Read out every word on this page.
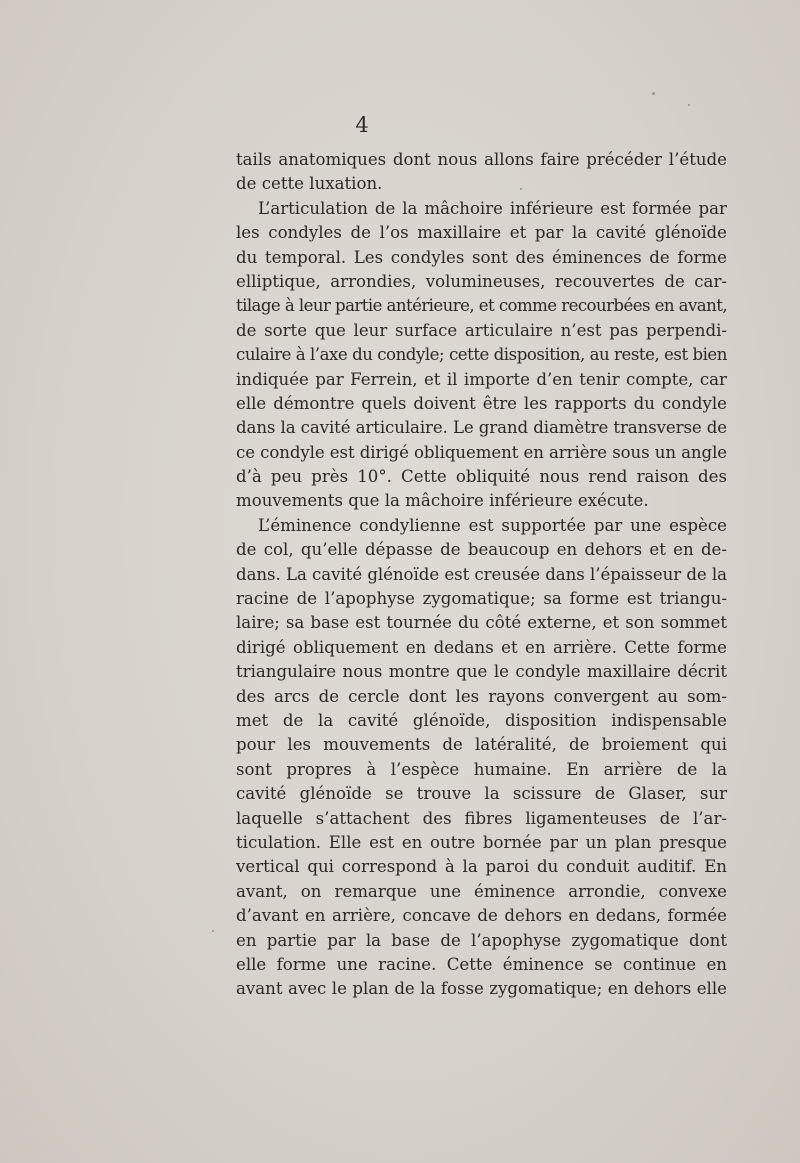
4
tails anatomiques dont nous allons faire précéder l’étude
de cette luxation.
L’articulation de la mâchoire inférieure est formée par
les condyles de l’os maxillaire et par la cavité glénoïde
du temporal. Les condyles sont des éminences de forme
elliptique, arrondies, volumineuses, recouvertes de car-
tilage à leur partie antérieure, et comme recourbées en avant,
de sorte que leur surface articulaire n’est pas perpendi-
culaire à l’axe du condyle; cette disposition, au reste, est bien
indiquée par Ferrein, et il importe d’en tenir compte, car
elle démontre quels doivent être les rapports du condyle
dans la cavité articulaire. Le grand diamètre transverse de
ce condyle est dirigé obliquement en arrière sous un angle
d’à peu près 10°. Cette obliquité nous rend raison des
mouvements que la mâchoire inférieure exécute.
L’éminence condylienne est supportée par une espèce
de col, qu’elle dépasse de beaucoup en dehors et en de-
dans. La cavité glénoïde est creusée dans l’épaisseur de la
racine de l’apophyse zygomatique; sa forme est triangu-
laire; sa base est tournée du côté externe, et son sommet
dirigé obliquement en dedans et en arrière. Cette forme
triangulaire nous montre que le condyle maxillaire décrit
des arcs de cercle dont les rayons convergent au som-
met de la cavité glénoïde, disposition indispensable
pour les mouvements de latéralité, de broiement qui
sont propres à l’espèce humaine. En arrière de la
cavité glénoïde se trouve la scissure de Glaser, sur
laquelle s’attachent des fibres ligamenteuses de l’ar-
ticulation. Elle est en outre bornée par un plan presque
vertical qui correspond à la paroi du conduit auditif. En
avant, on remarque une éminence arrondie, convexe
d’avant en arrière, concave de dehors en dedans, formée
en partie par la base de l’apophyse zygomatique dont
elle forme une racine. Cette éminence se continue en
avant avec le plan de la fosse zygomatique; en dehors elle
